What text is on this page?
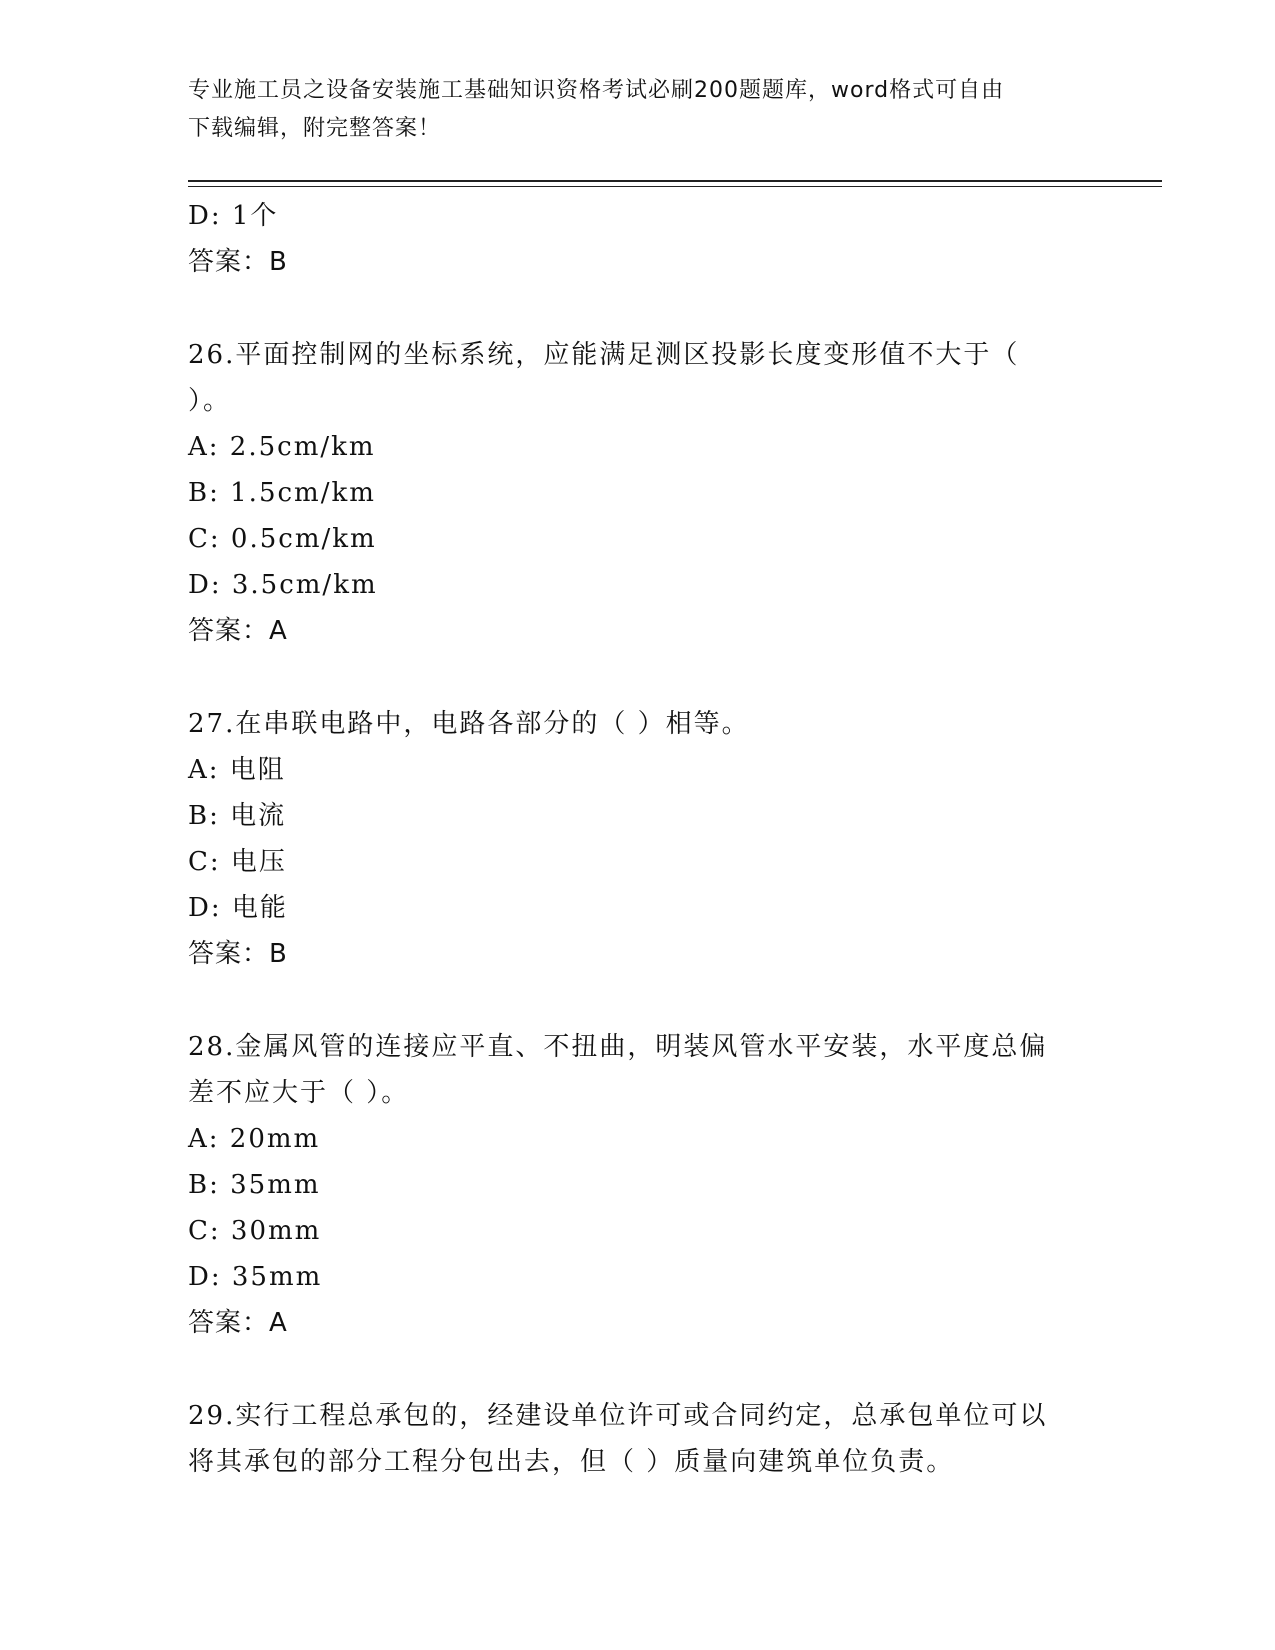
专业施工员之设备安装施工基础知识资格考试必刷200题题库，word格式可自由
下载编辑，附完整答案！
D: 1个
答案：B
26.平面控制网的坐标系统，应能满足测区投影长度变形值不大于（
）。
A: 2.5cm/km
B: 1.5cm/km
C: 0.5cm/km
D: 3.5cm/km
答案：A
27.在串联电路中，电路各部分的（ ）相等。
A: 电阻
B: 电流
C: 电压
D: 电能
答案：B
28.金属风管的连接应平直、不扭曲，明装风管水平安装，水平度总偏
差不应大于（ ）。
A: 20mm
B: 35mm
C: 30mm
D: 35mm
答案：A
29.实行工程总承包的，经建设单位许可或合同约定，总承包单位可以
将其承包的部分工程分包出去，但（ ）质量向建筑单位负责。
